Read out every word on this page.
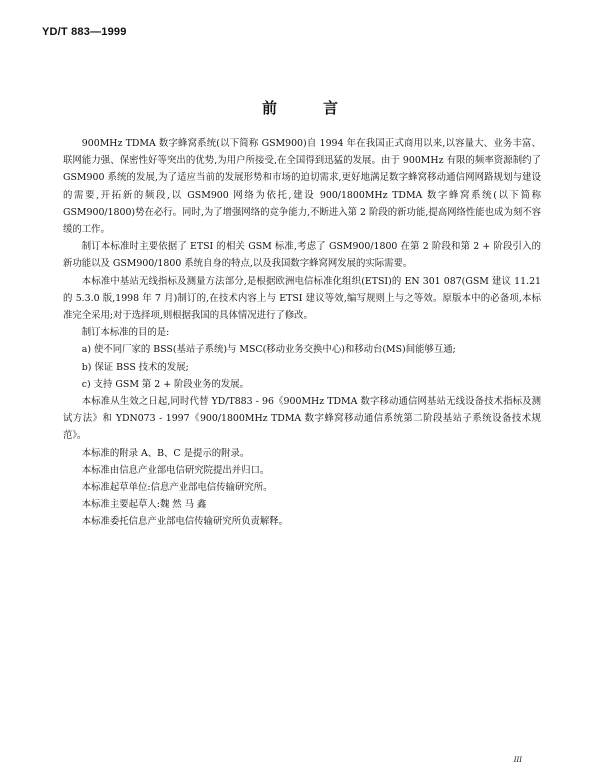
YD/T 883—1999
前言

900MHz TDMA 数字蜂窝系统(以下简称 GSM900)自 1994 年在我国正式商用以来,以容量大、业务丰富、联网能力强、保密性好等突出的优势,为用户所接受,在全国得到迅猛的发展。由于 900MHz 有限的频率资源制约了 GSM900 系统的发展,为了适应当前的发展形势和市场的迫切需求,更好地满足数字蜂窝移动通信网网路规划与建设的需要,开拓新的频段,以 GSM900 网络为依托,建设 900/1800MHz TDMA 数字蜂窝系统(以下简称 GSM900/1800)势在必行。同时,为了增强网络的竞争能力,不断进入第 2 阶段的新功能,提高网络性能也成为刻不容缓的工作。

制订本标准时主要依据了 ETSI 的相关 GSM 标准,考虑了 GSM900/1800 在第 2 阶段和第 2 + 阶段引入的新功能以及 GSM900/1800 系统自身的特点,以及我国数字蜂窝网发展的实际需要。

本标准中基站无线指标及测量方法部分,是根据欧洲电信标准化组织(ETSI)的 EN 301 087(GSM 建议 11.21 的 5.3.0 版,1998 年 7 月)制订的,在技术内容上与 ETSI 建议等效,编写规则上与之等效。原版本中的必备项,本标准完全采用;对于选择项,则根据我国的具体情况进行了修改。

制订本标准的目的是:

a) 使不同厂家的 BSS(基站子系统)与 MSC(移动业务交换中心)和移动台(MS)间能够互通;

b) 保证 BSS 技术的发展;

c) 支持 GSM 第 2 + 阶段业务的发展。

本标准从生效之日起,同时代替 YD/T883 - 96《900MHz TDMA 数字移动通信网基站无线设备技术指标及测试方法》和 YDN073 - 1997《900/1800MHz TDMA 数字蜂窝移动通信系统第二阶段基站子系统设备技术规范》。

本标准的附录 A、B、C 是提示的附录。

本标准由信息产业部电信研究院提出并归口。

本标准起草单位:信息产业部电信传输研究所。

本标准主要起草人:魏 然 马 鑫

本标准委托信息产业部电信传输研究所负责解释。

III
